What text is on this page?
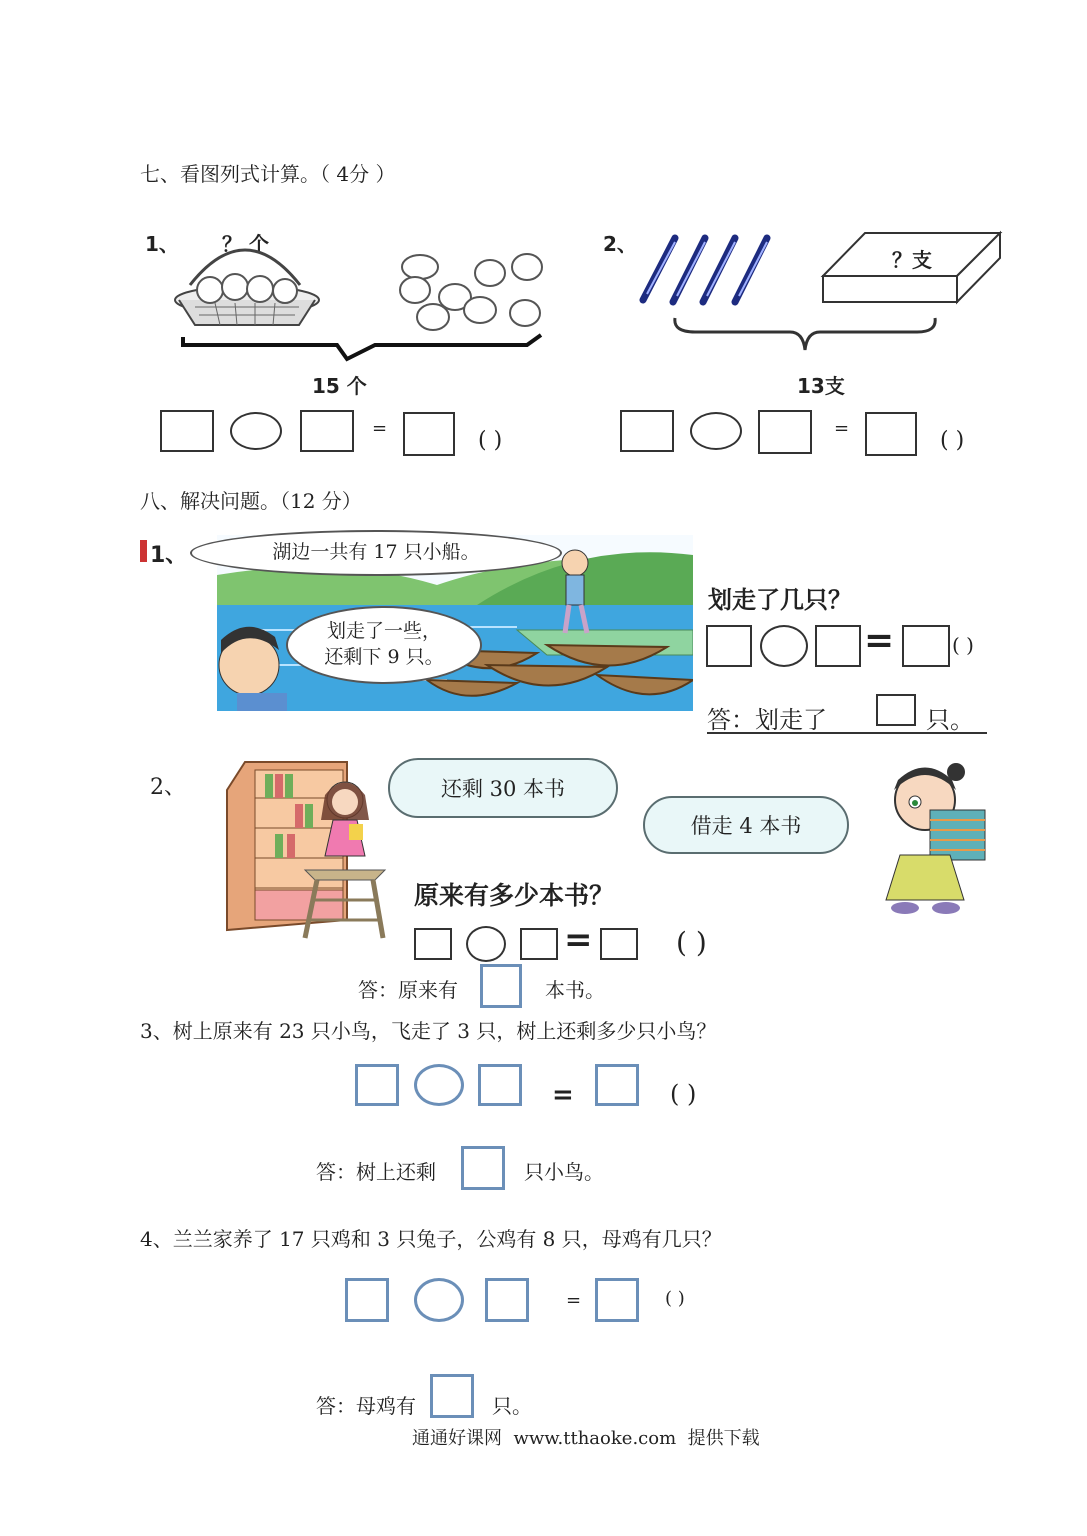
七、看图列式计算。（ 4分 ）
1、 ？ 个
15 个
=	( )
2、
？支
13支
=	( )
八、解决问题。（12 分）
1、	湖边一共有 17 只小船。
划走了一些，
还剩下 9 只。
划走了几只？
=	( )
答：划走了	只。
2、	还剩 30 本书
借走 4 本书
原来有多少本书？
=	( )
答：原来有	本书。
3、树上原来有 23 只小鸟，飞走了 3 只，树上还剩多少只小鸟？
=	( )
答：树上还剩	只小鸟。
4、兰兰家养了 17 只鸡和 3 只兔子，公鸡有 8 只，母鸡有几只？
=	( )
答：母鸡有	只。
通通好课网  www.tthaoke.com  提供下载
